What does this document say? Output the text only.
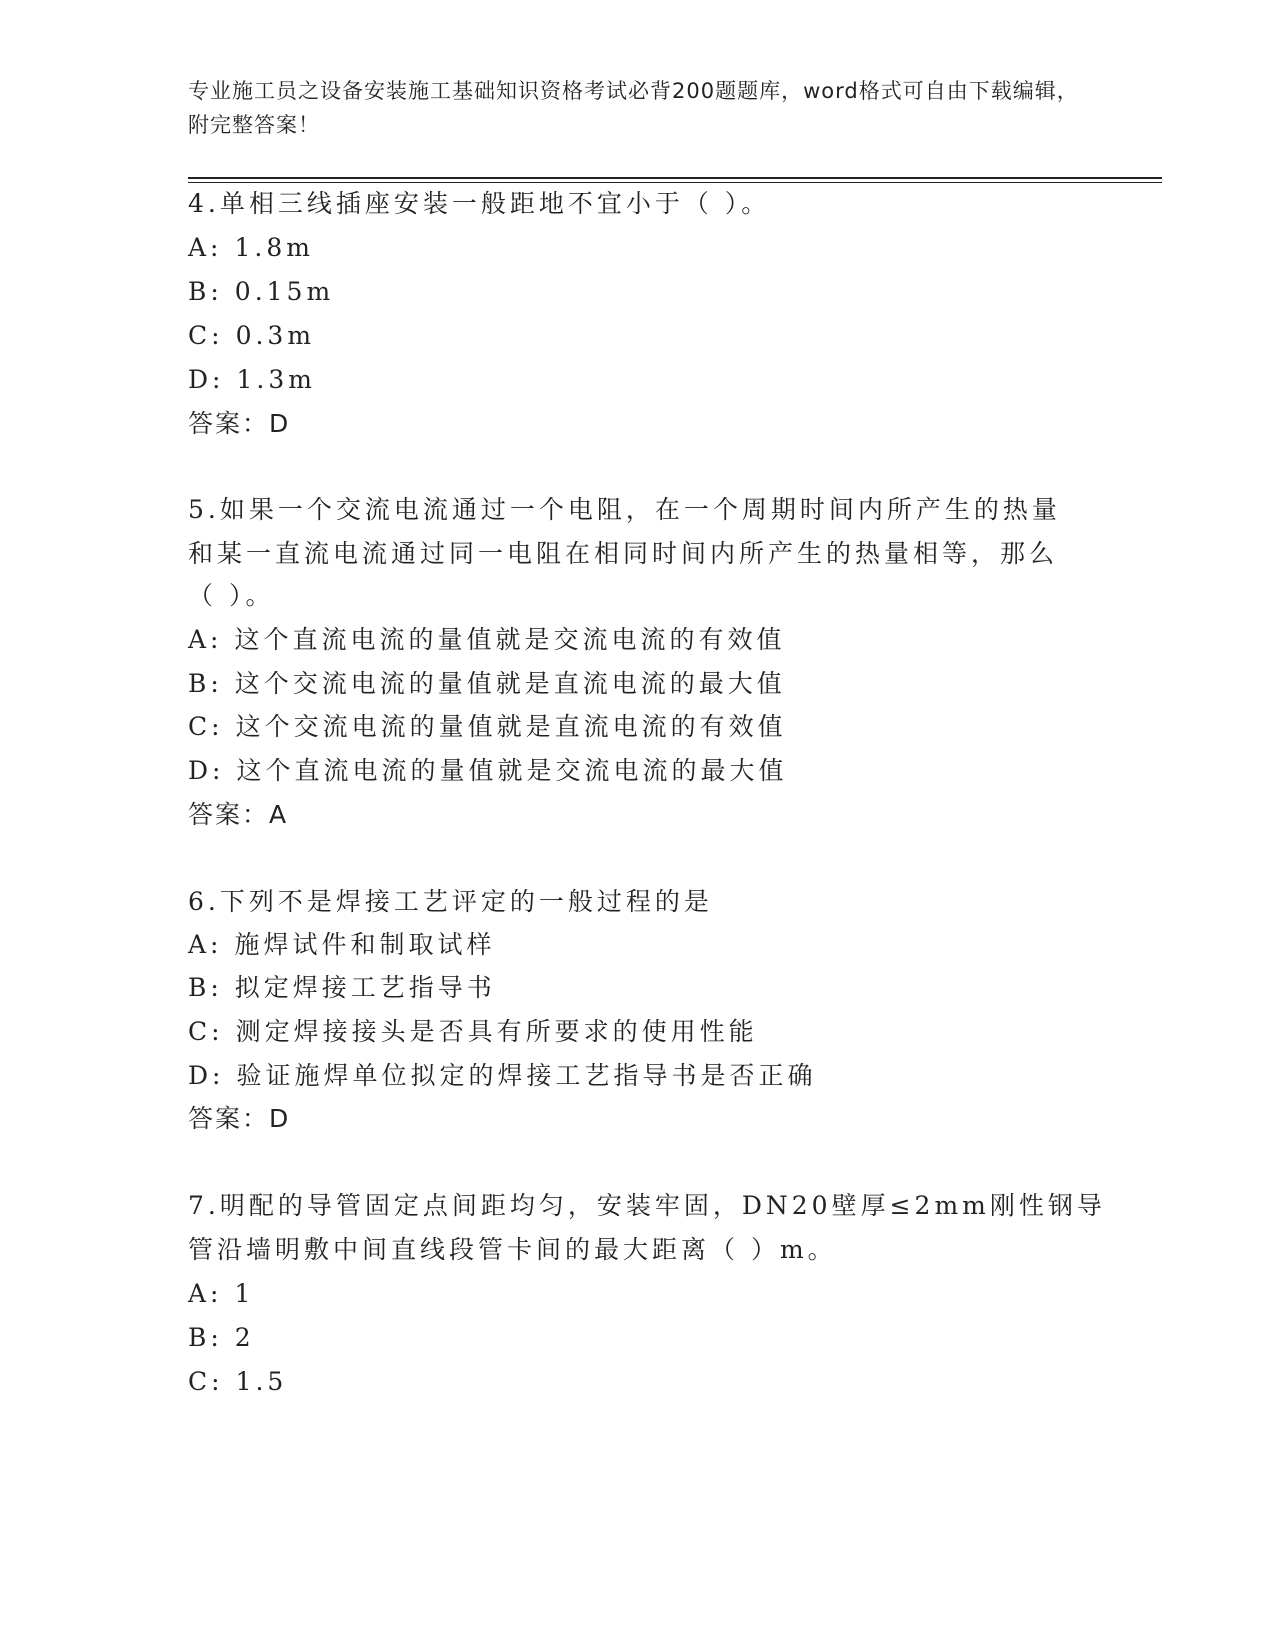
专业施工员之设备安装施工基础知识资格考试必背200题题库，word格式可自由下载编辑，附完整答案！
4.单相三线插座安装一般距地不宜小于（ ）。
A: 1.8m
B: 0.15m
C: 0.3m
D: 1.3m
答案：D
5.如果一个交流电流通过一个电阻，在一个周期时间内所产生的热量
和某一直流电流通过同一电阻在相同时间内所产生的热量相等，那么
（ ）。
A: 这个直流电流的量值就是交流电流的有效值
B: 这个交流电流的量值就是直流电流的最大值
C: 这个交流电流的量值就是直流电流的有效值
D: 这个直流电流的量值就是交流电流的最大值
答案：A
6.下列不是焊接工艺评定的一般过程的是
A: 施焊试件和制取试样
B: 拟定焊接工艺指导书
C: 测定焊接接头是否具有所要求的使用性能
D: 验证施焊单位拟定的焊接工艺指导书是否正确
答案：D
7.明配的导管固定点间距均匀，安装牢固，DN20壁厚≤2mm刚性钢导
管沿墙明敷中间直线段管卡间的最大距离（ ）m。
A: 1
B: 2
C: 1.5
